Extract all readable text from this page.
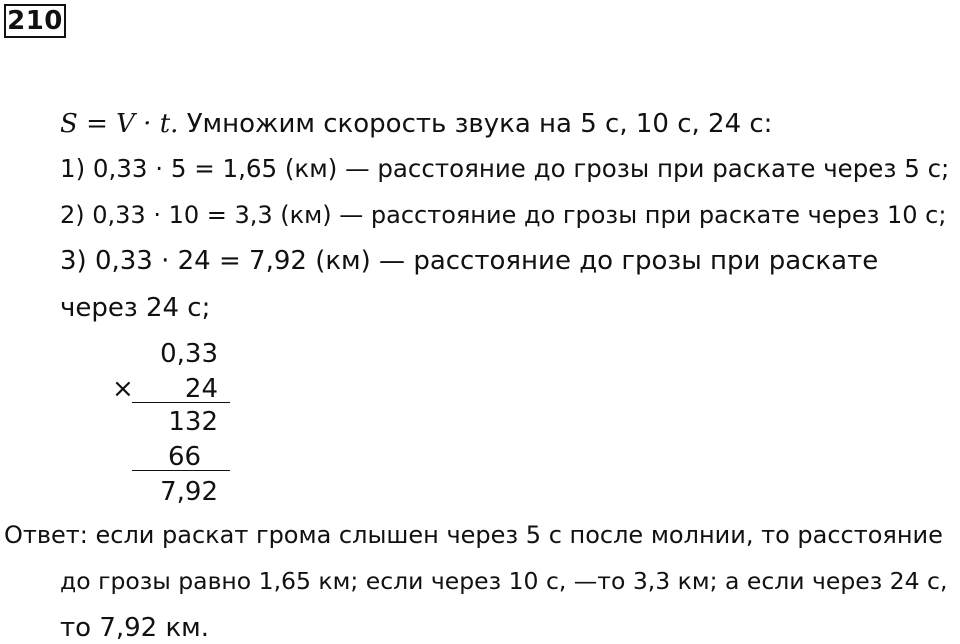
210
S = V · t. Умножим скорость звука на 5 с, 10 с, 24 с:
1) 0,33 · 5 = 1,65 (км) — расстояние до грозы при раскате через 5 с;
2) 0,33 · 10 = 3,3 (км) — расстояние до грозы при раскате через 10 с;
3) 0,33 · 24 = 7,92 (км) — расстояние до грозы при раскате
через 24 с;
0,33
×	24
132
66
7,92
Ответ: если раскат грома слышен через 5 с после молнии, то расстояние
до грозы равно 1,65 км; если через 10 с, —то 3,3 км; а если через 24 с,
то 7,92 км.
